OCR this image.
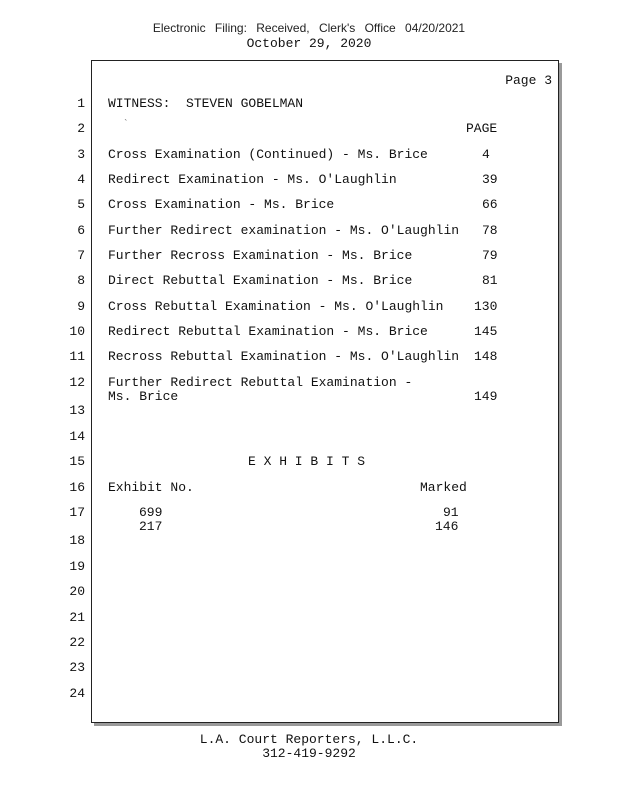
Electronic Filing: Received, Clerk's Office 04/20/2021
October 29, 2020
Page 3
1
2
3
4
5
6
7
8
9
10
11
12
13
14
15
16
17
18
19
20
21
22
23
24
WITNESS:  STEVEN GOBELMAN
`	PAGE
Cross Examination (Continued) - Ms. Brice	4
Redirect Examination - Ms. O'Laughlin	39
Cross Examination - Ms. Brice	66
Further Redirect examination - Ms. O'Laughlin 78
Further Recross Examination - Ms. Brice	79
Direct Rebuttal Examination - Ms. Brice	81
Cross Rebuttal Examination - Ms. O'Laughlin 130
Redirect Rebuttal Examination - Ms. Brice	145
Recross Rebuttal Examination - Ms. O'Laughlin 148
Further Redirect Rebuttal Examination -
Ms. Brice	149
E X H I B I T S
Exhibit No.	Marked
699	91
217	146
L.A. Court Reporters, L.L.C.
312-419-9292
